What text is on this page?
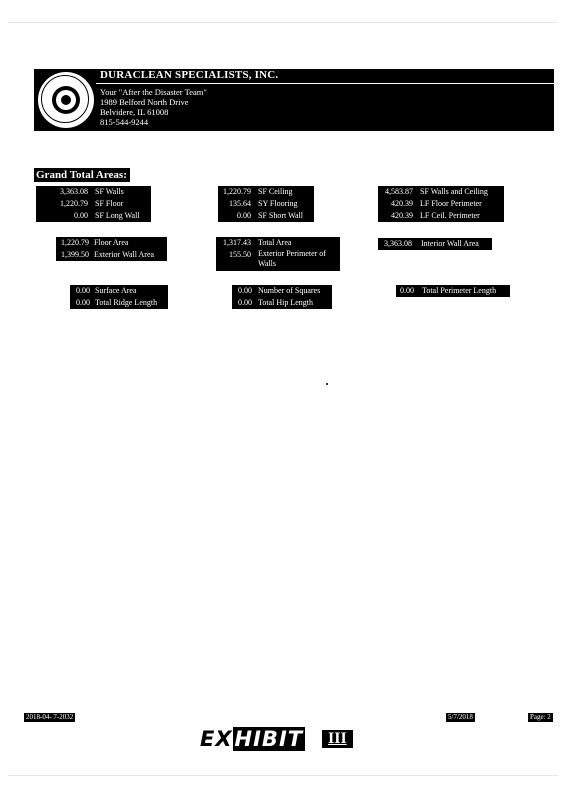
DURACLEAN SPECIALISTS, INC.
Your "After the Disaster Team"
1989 Belford North Drive
Belvidere, IL 61008
815-544-9244
Grand Total Areas:
3,363.08 SF Walls
1,220.79 SF Floor
0.00 SF Long Wall
1,220.79 SF Ceiling
135.64 SY Flooring
0.00 SF Short Wall
4,583.87 SF Walls and Ceiling
420.39 LF Floor Perimeter
420.39 LF Ceil. Perimeter
1,220.79 Floor Area
1,399.50 Exterior Wall Area
1,317.43 Total Area
155.50 Exterior Perimeter of Walls
3,363.08 Interior Wall Area
0.00 Surface Area
0.00 Total Ridge Length
0.00 Number of Squares
0.00 Total Hip Length
0.00 Total Perimeter Length
2018-04- 7-2032	5/7/2018	Page: 2
EXHIBIT	III
